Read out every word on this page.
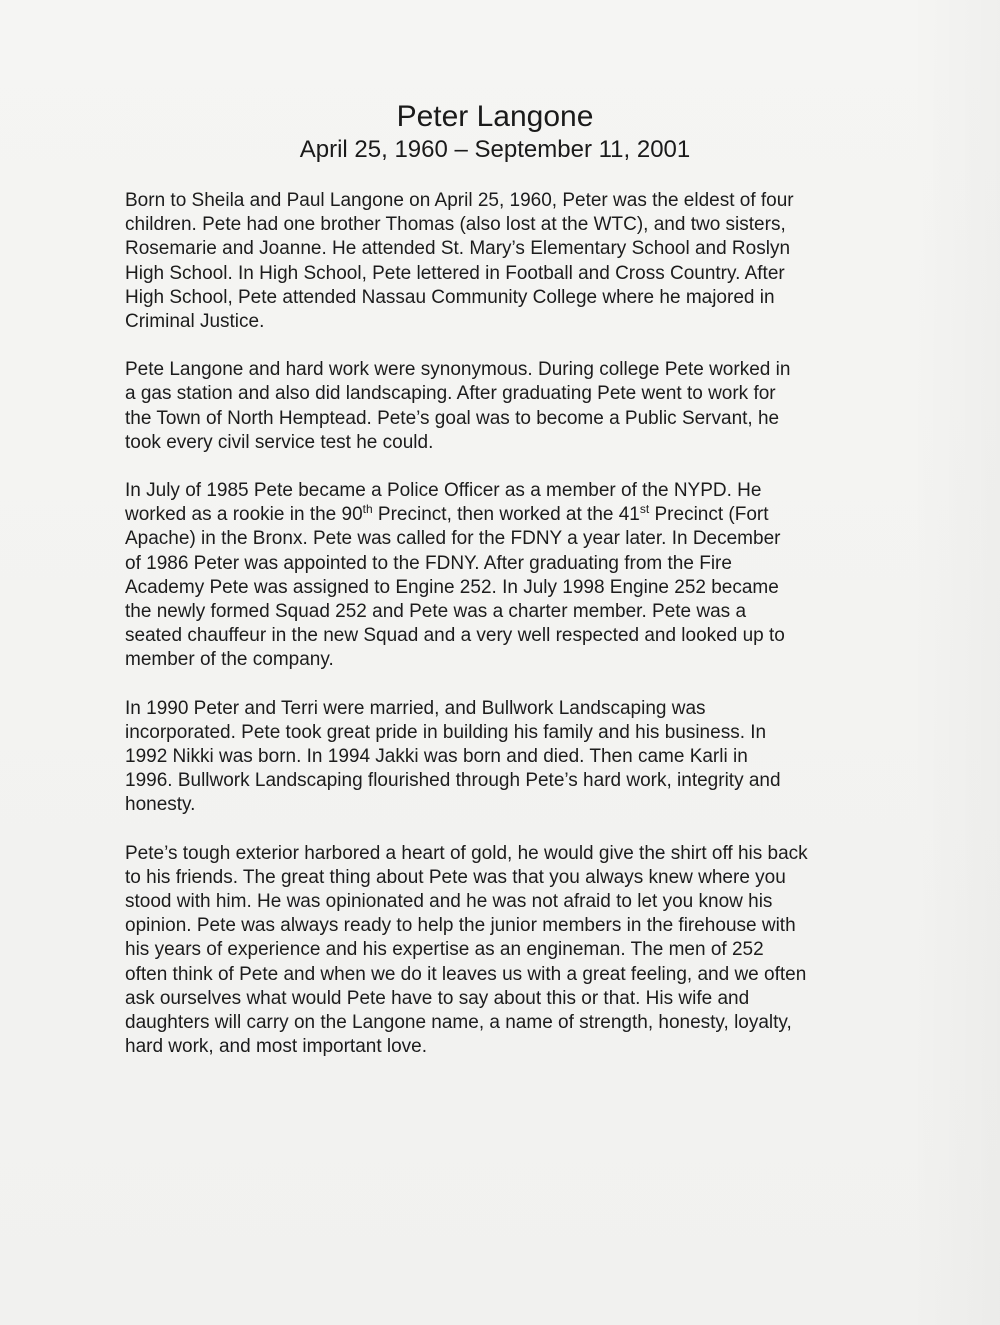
Peter Langone
April 25, 1960 – September 11, 2001

Born to Sheila and Paul Langone on April 25, 1960, Peter was the eldest of four
children. Pete had one brother Thomas (also lost at the WTC), and two sisters,
Rosemarie and Joanne. He attended St. Mary’s Elementary School and Roslyn
High School. In High School, Pete lettered in Football and Cross Country. After
High School, Pete attended Nassau Community College where he majored in
Criminal Justice.

Pete Langone and hard work were synonymous. During college Pete worked in
a gas station and also did landscaping. After graduating Pete went to work for
the Town of North Hemptead. Pete’s goal was to become a Public Servant, he
took every civil service test he could.

In July of 1985 Pete became a Police Officer as a member of the NYPD. He
worked as a rookie in the 90th Precinct, then worked at the 41st Precinct (Fort
Apache) in the Bronx. Pete was called for the FDNY a year later. In December
of 1986 Peter was appointed to the FDNY. After graduating from the Fire
Academy Pete was assigned to Engine 252. In July 1998 Engine 252 became
the newly formed Squad 252 and Pete was a charter member. Pete was a
seated chauffeur in the new Squad and a very well respected and looked up to
member of the company.

In 1990 Peter and Terri were married, and Bullwork Landscaping was
incorporated. Pete took great pride in building his family and his business. In
1992 Nikki was born. In 1994 Jakki was born and died. Then came Karli in
1996. Bullwork Landscaping flourished through Pete’s hard work, integrity and
honesty.

Pete’s tough exterior harbored a heart of gold, he would give the shirt off his back
to his friends. The great thing about Pete was that you always knew where you
stood with him. He was opinionated and he was not afraid to let you know his
opinion. Pete was always ready to help the junior members in the firehouse with
his years of experience and his expertise as an engineman. The men of 252
often think of Pete and when we do it leaves us with a great feeling, and we often
ask ourselves what would Pete have to say about this or that. His wife and
daughters will carry on the Langone name, a name of strength, honesty, loyalty,
hard work, and most important love.
